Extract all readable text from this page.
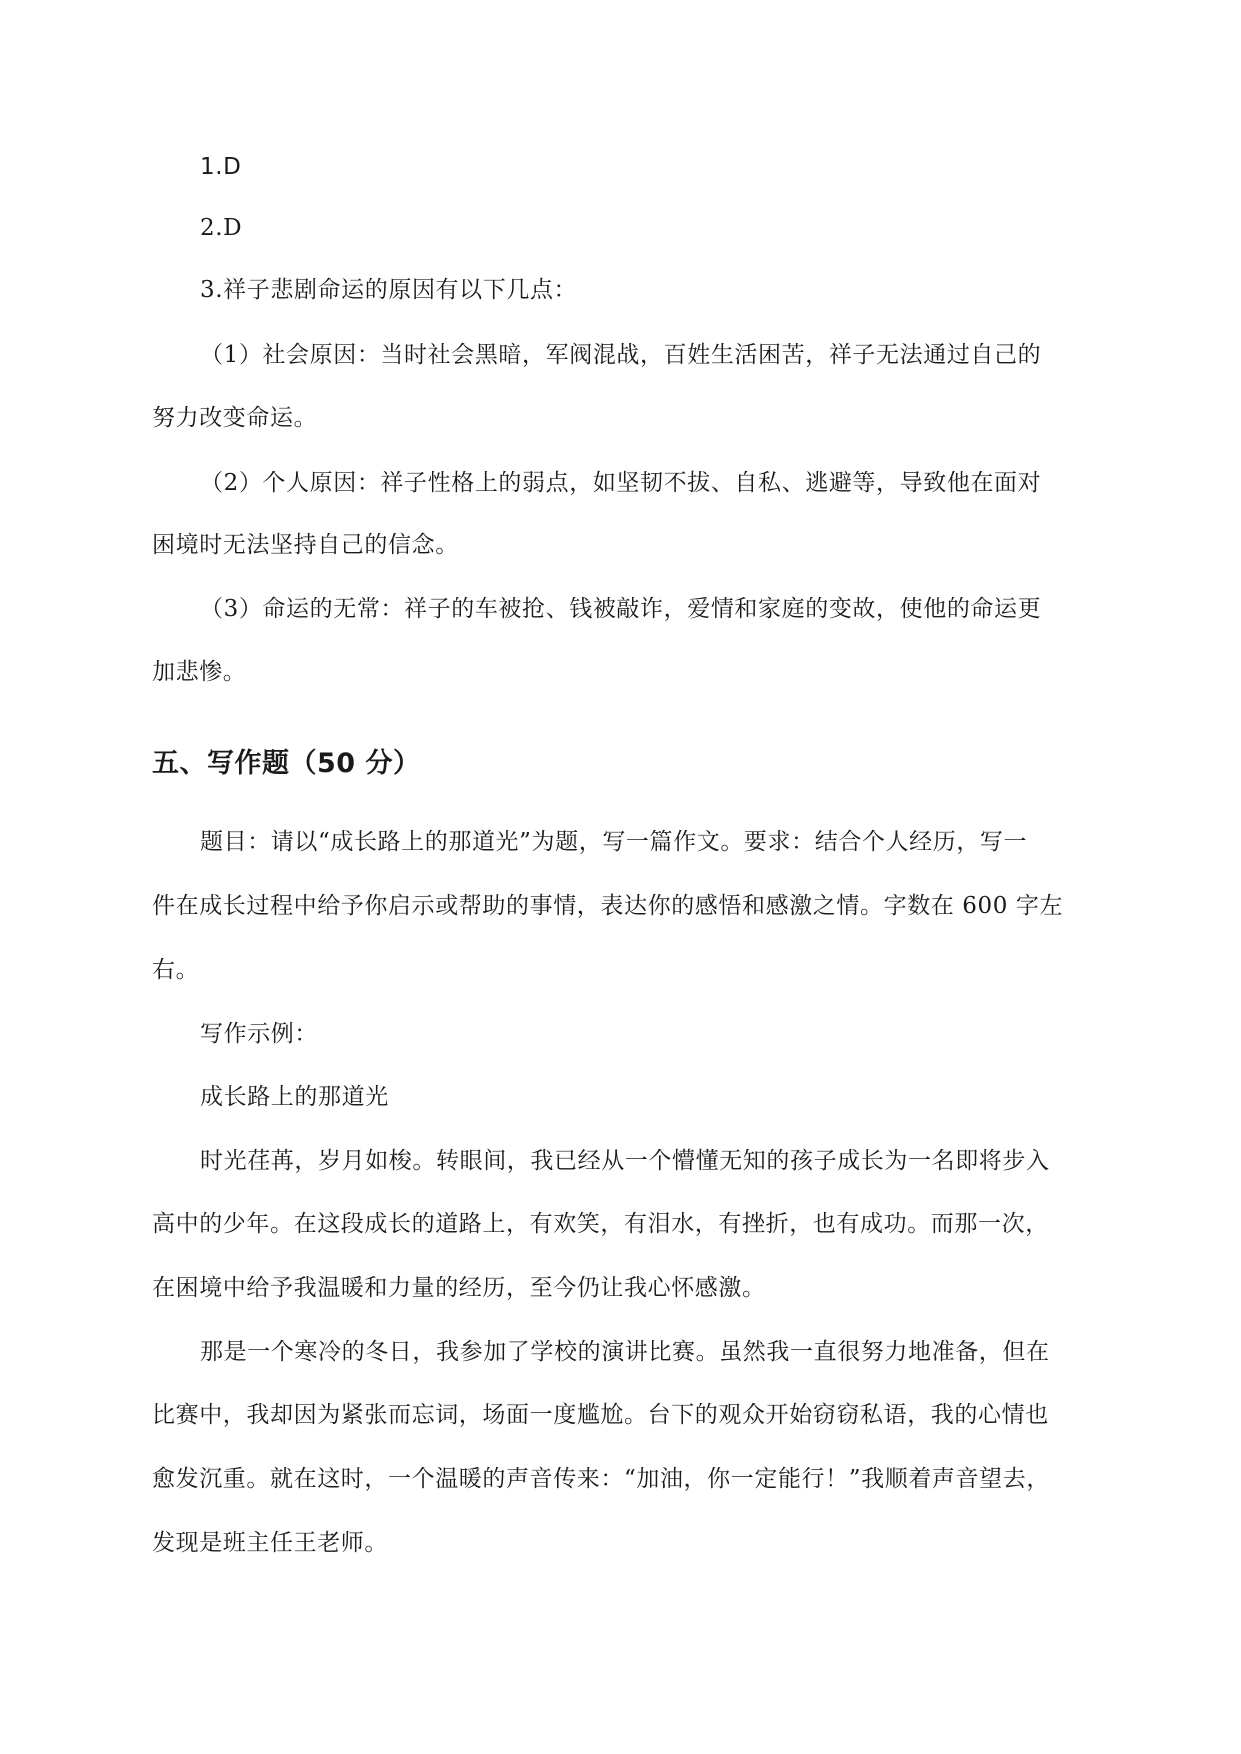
1.D
2.D
3.祥子悲剧命运的原因有以下几点：
（1）社会原因：当时社会黑暗，军阀混战，百姓生活困苦，祥子无法通过自己的
努力改变命运。
（2）个人原因：祥子性格上的弱点，如坚韧不拔、自私、逃避等，导致他在面对
困境时无法坚持自己的信念。
（3）命运的无常：祥子的车被抢、钱被敲诈，爱情和家庭的变故，使他的命运更
加悲惨。
五、写作题（50 分）
题目：请以“成长路上的那道光”为题，写一篇作文。要求：结合个人经历，写一
件在成长过程中给予你启示或帮助的事情，表达你的感悟和感激之情。字数在 600 字左
右。
写作示例：
成长路上的那道光
时光荏苒，岁月如梭。转眼间，我已经从一个懵懂无知的孩子成长为一名即将步入
高中的少年。在这段成长的道路上，有欢笑，有泪水，有挫折，也有成功。而那一次，
在困境中给予我温暖和力量的经历，至今仍让我心怀感激。
那是一个寒冷的冬日，我参加了学校的演讲比赛。虽然我一直很努力地准备，但在
比赛中，我却因为紧张而忘词，场面一度尴尬。台下的观众开始窃窃私语，我的心情也
愈发沉重。就在这时，一个温暖的声音传来：“加油，你一定能行！”我顺着声音望去，
发现是班主任王老师。
